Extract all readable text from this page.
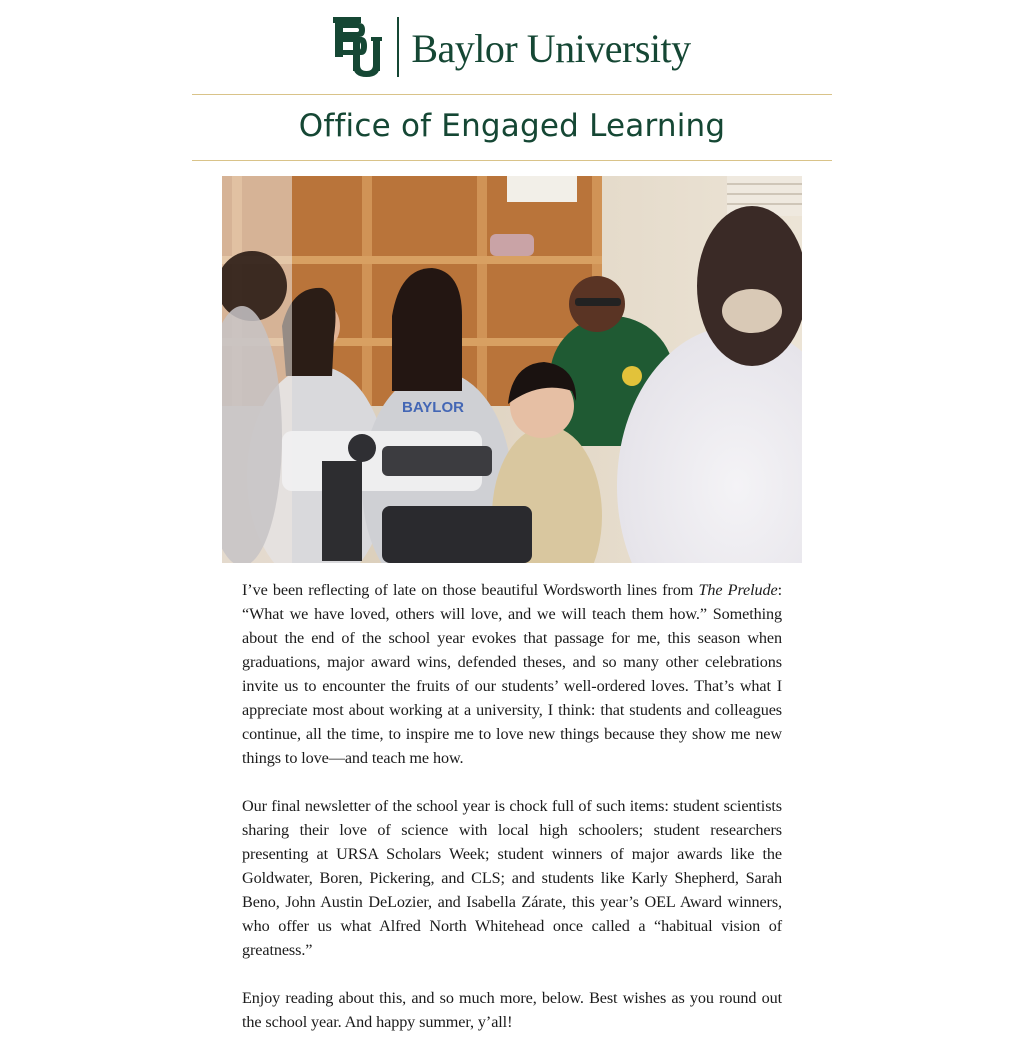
Baylor University
Office of Engaged Learning
BAYLOR

I’ve been reflecting of late on those beautiful Wordsworth lines from The Prelude: “What we have loved, others will love, and we will teach them how.” Something about the end of the school year evokes that passage for me, this season when graduations, major award wins, defended theses, and so many other celebrations invite us to encounter the fruits of our students’ well-ordered loves. That’s what I appreciate most about working at a university, I think: that students and colleagues continue, all the time, to inspire me to love new things because they show me new things to love—and teach me how.

Our final newsletter of the school year is chock full of such items: student scientists sharing their love of science with local high schoolers; student researchers presenting at URSA Scholars Week; student winners of major awards like the Goldwater, Boren, Pickering, and CLS; and students like Karly Shepherd, Sarah Beno, John Austin DeLozier, and Isabella Zárate, this year’s OEL Award winners, who offer us what Alfred North Whitehead once called a “habitual vision of greatness.”

Enjoy reading about this, and so much more, below. Best wishes as you round out the school year. And happy summer, y’all!
